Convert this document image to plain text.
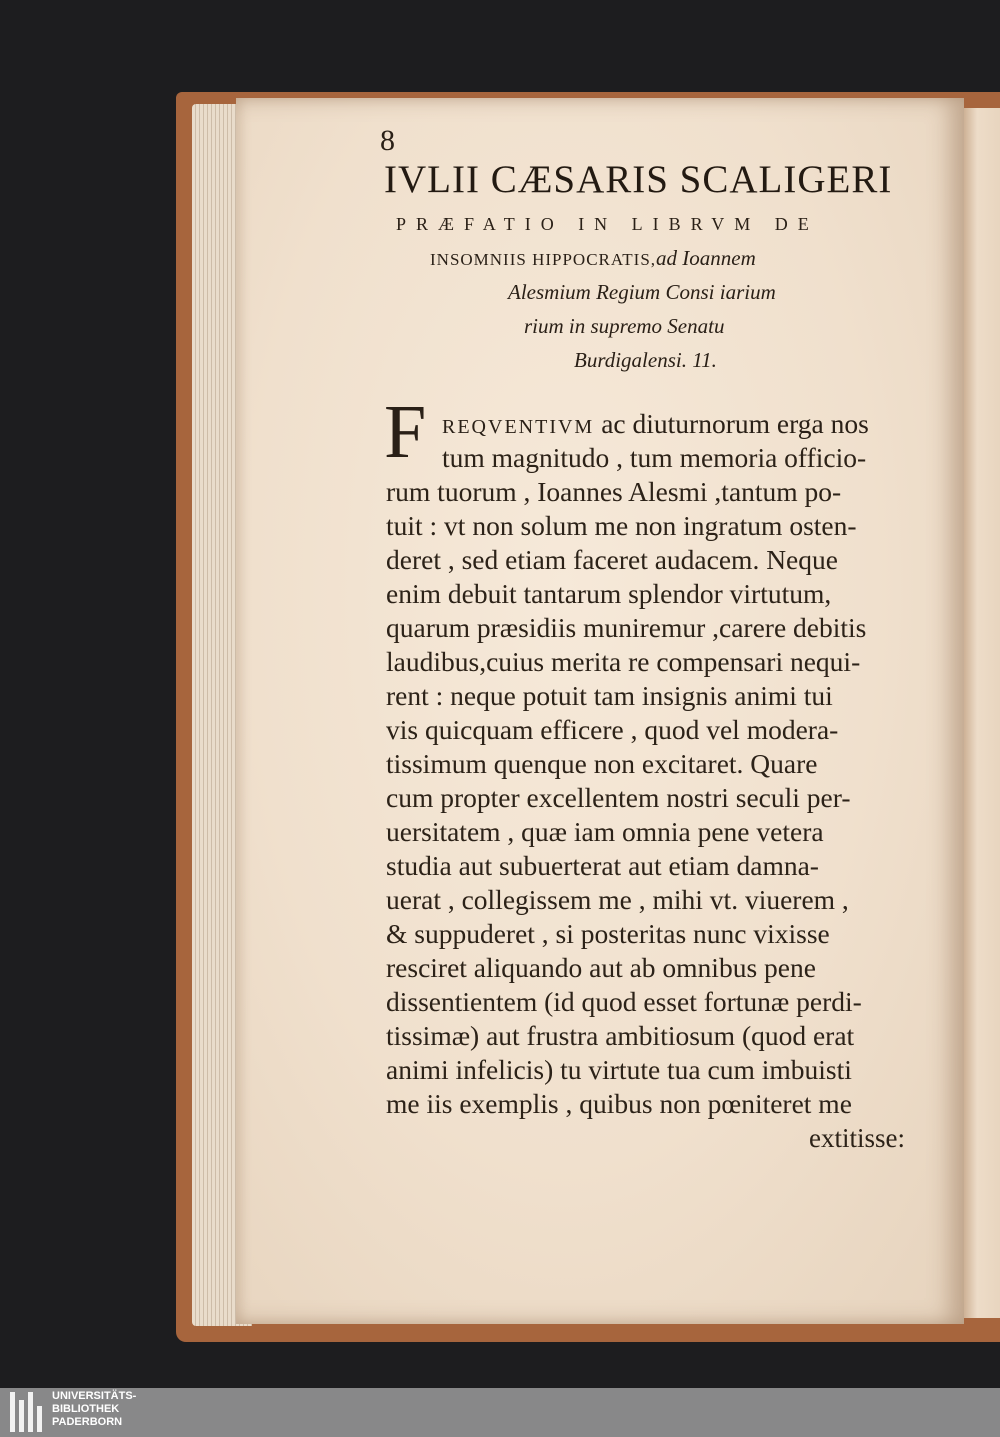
8
IVLII CÆSARIS SCALIGERI
PRÆFATIO IN LIBRVM DE
INSOMNIIS HIPPOCRATIS,ad Ioannem
Alesmium Regium Consi iarium
rium in supremo Senatu
Burdigalensi. 11.
F REQVENTIVM ac diuturnorum erga nos
tum magnitudo , tum memoria officio-
rum tuorum , Ioannes Alesmi ,tantum po-
tuit : vt non solum me non ingratum osten-
deret , sed etiam faceret audacem. Neque
enim debuit tantarum splendor virtutum,
quarum præsidiis muniremur ,carere debitis
laudibus,cuius merita re compensari nequi-
rent : neque potuit tam insignis animi tui
vis quicquam efficere , quod vel modera-
tissimum quenque non excitaret. Quare
cum propter excellentem nostri seculi per-
uersitatem , quæ iam omnia pene vetera
studia aut subuerterat aut etiam damna-
uerat , collegissem me , mihi vt. viuerem ,
& suppuderet , si posteritas nunc vixisse
resciret aliquando aut ab omnibus pene
dissentientem (id quod esset fortunæ perdi-
tissimæ) aut frustra ambitiosum (quod erat
animi infelicis) tu virtute tua cum imbuisti
me iis exemplis , quibus non pœniteret me
extitisse:
UNIVERSITÄTS-
BIBLIOTHEK
PADERBORN
